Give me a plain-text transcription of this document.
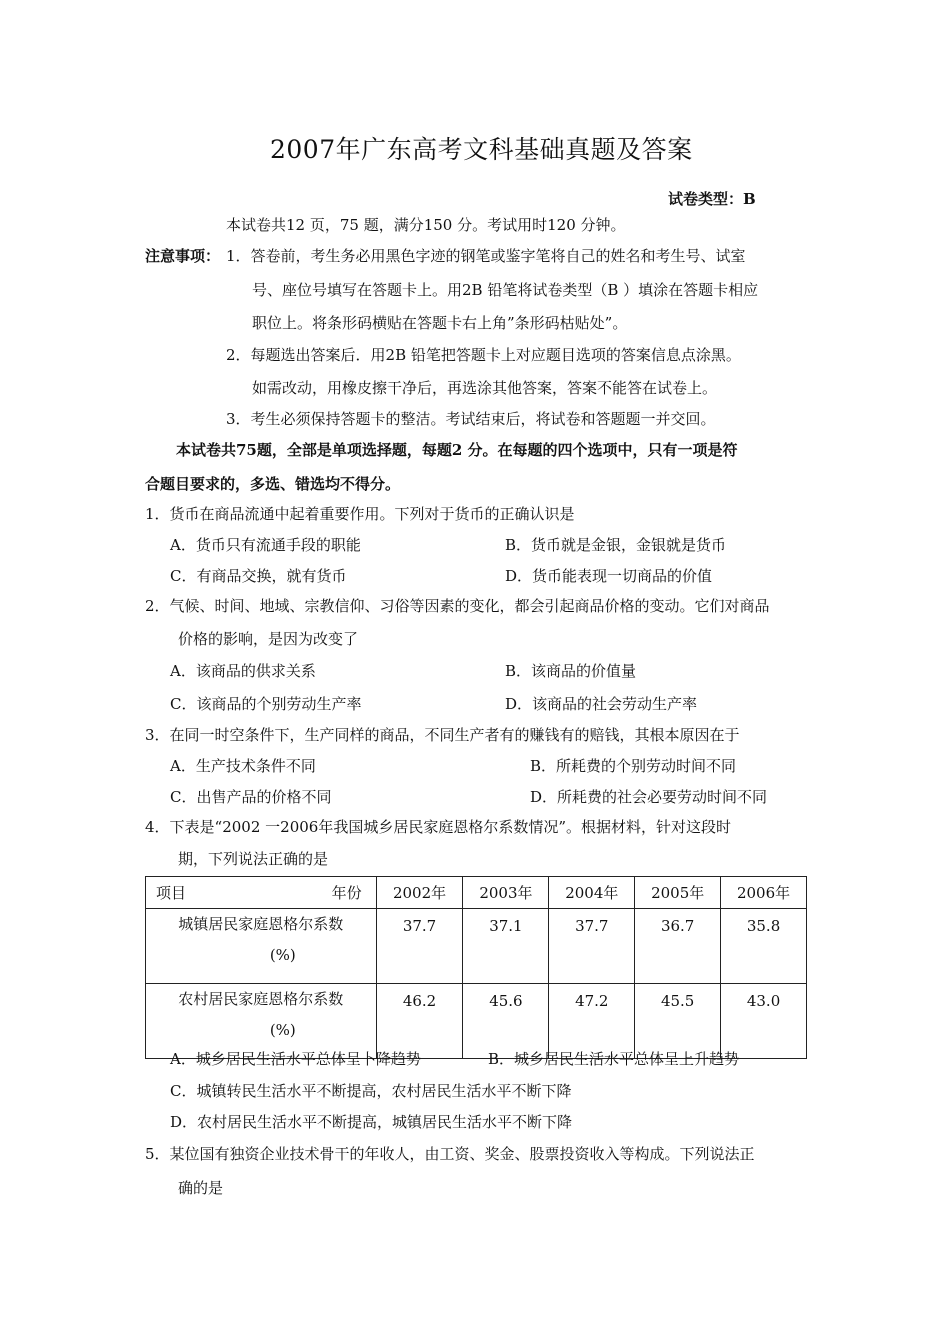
2007年广东高考文科基础真题及答案
试卷类型：B
本试卷共12 页，75 题，满分150 分。考试用时120 分钟。
注意事项： 1．答卷前，考生务必用黑色字迹的钢笔或鉴字笔将自己的姓名和考生号、试室
号、座位号填写在答题卡上。用2B 铅笔将试卷类型（B ）填涂在答题卡相应
职位上。将条形码横贴在答题卡右上角”条形码枯贴处”。
2．每题选出答案后．用2B 铅笔把答题卡上对应题目选项的答案信息点涂黑。
如需改动，用橡皮擦干净后，再选涂其他答案，答案不能答在试卷上。
3．考生必须保持答题卡的整洁。考试结束后，将试卷和答题题一并交回。
本试卷共75题，全部是单项选择题，每题2 分。在每题的四个选项中，只有一项是符
合题目要求的，多选、错选均不得分。
1．货币在商品流通中起着重要作用。下列对于货币的正确认识是
A．货币只有流通手段的职能	B．货币就是金银，金银就是货币
C．有商品交换，就有货币	D．货币能表现一切商品的价值
2．气候、时间、地域、宗教信仰、习俗等因素的变化，都会引起商品价格的变动。它们对商品
价格的影响，是因为改变了
A．该商品的供求关系	B．该商品的价值量
C．该商品的个别劳动生产率	D．该商品的社会劳动生产率
3．在同一时空条件下，生产同样的商品，不同生产者有的赚钱有的赔钱，其根本原因在于
A．生产技术条件不同	B．所耗费的个别劳动时间不同
C．出售产品的价格不同	D．所耗费的社会必要劳动时间不同
4．下表是“2002 一2006年我国城乡居民家庭恩格尔系数情况”。根据材料，针对这段时
期，下列说法正确的是
项目 年份	2002年	2003年	2004年	2005年	2006年

城镇居民家庭恩格尔系数
(%)	37.7	37.1	37.7	36.7	35.8

农村居民家庭恩格尔系数
(%)	46.2	45.6	47.2	45.5	43.0
A．城乡居民生活水平总体呈卜降趋势	B．城乡居民生活水平总体呈上升趋势
C．城镇转民生活水平不断提高，农村居民生活水平不断下降
D．农村居民生活水平不断提高，城镇居民生活水平不断下降
5．某位国有独资企业技术骨干的年收人，由工资、奖金、股票投资收入等构成。下列说法正
确的是
